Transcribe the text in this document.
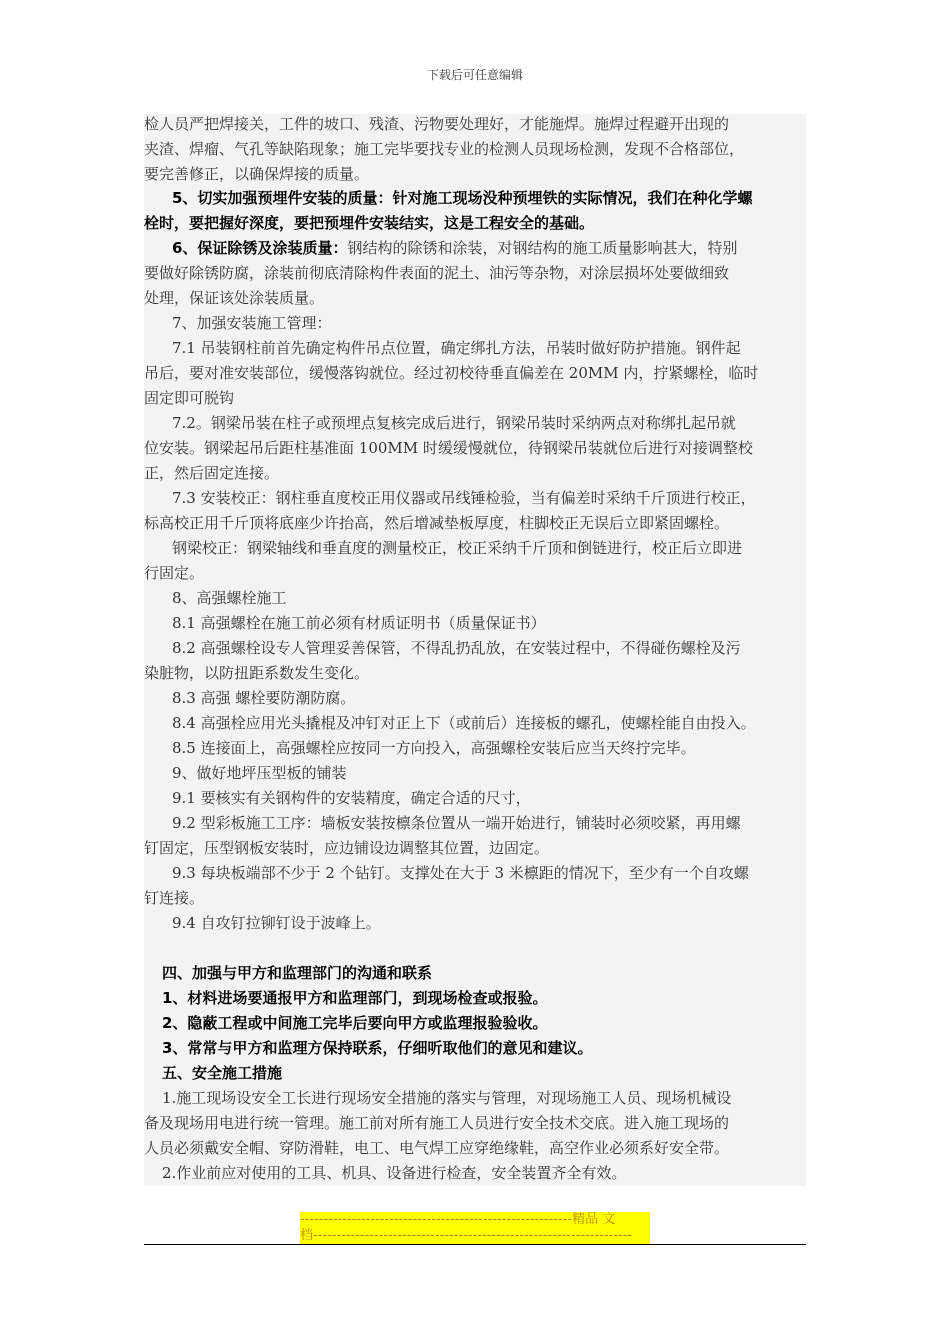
下载后可任意编辑
检人员严把焊接关，工件的坡口、残渣、污物要处理好，才能施焊。施焊过程避开出现的
夹渣、焊瘤、气孔等缺陷现象；施工完毕要找专业的检测人员现场检测，发现不合格部位，
要完善修正，以确保焊接的质量。
5、切实加强预埋件安装的质量：针对施工现场没种预埋铁的实际情况，我们在种化学螺
栓时，要把握好深度，要把预埋件安装结实，这是工程安全的基础。
6、保证除锈及涂装质量：钢结构的除锈和涂装，对钢结构的施工质量影响甚大，特别
要做好除锈防腐，涂装前彻底清除构件表面的泥土、油污等杂物，对涂层损坏处要做细致
处理，保证该处涂装质量。
7、加强安装施工管理：
7.1 吊装钢柱前首先确定构件吊点位置，确定绑扎方法，吊装时做好防护措施。钢件起
吊后，要对准安装部位，缓慢落钩就位。经过初校待垂直偏差在 20MM 内，拧紧螺栓，临时
固定即可脱钩
7.2。钢梁吊装在柱子或预埋点复核完成后进行，钢梁吊装时采纳两点对称绑扎起吊就
位安装。钢梁起吊后距柱基准面 100MM 时缓缓慢就位，待钢梁吊装就位后进行对接调整校
正，然后固定连接。
7.3 安装校正：钢柱垂直度校正用仪器或吊线锤检验，当有偏差时采纳千斤顶进行校正，
标高校正用千斤顶将底座少许抬高，然后增减垫板厚度，柱脚校正无误后立即紧固螺栓。
钢梁校正：钢梁轴线和垂直度的测量校正，校正采纳千斤顶和倒链进行，校正后立即进
行固定。
8、高强螺栓施工
8.1 高强螺栓在施工前必须有材质证明书（质量保证书）
8.2 高强螺栓设专人管理妥善保管，不得乱扔乱放，在安装过程中，不得碰伤螺栓及污
染脏物，以防扭距系数发生变化。
8.3 高强 螺栓要防潮防腐。
8.4 高强栓应用光头撬棍及冲钉对正上下（或前后）连接板的螺孔，使螺栓能自由投入。
8.5 连接面上，高强螺栓应按同一方向投入，高强螺栓安装后应当天终拧完毕。
9、做好地坪压型板的铺装
9.1 要核实有关钢构件的安装精度，确定合适的尺寸，
9.2 型彩板施工工序：墙板安装按檩条位置从一端开始进行，铺装时必须咬紧，再用螺
钉固定，压型钢板安装时，应边铺设边调整其位置，边固定。
9.3 每块板端部不少于 2 个钻钉。支撑处在大于 3 米檩距的情况下，至少有一个自攻螺
钉连接。
9.4 自攻钉拉铆钉设于波峰上。
四、加强与甲方和监理部门的沟通和联系
1、材料进场要通报甲方和监理部门，到现场检查或报验。
2、隐蔽工程或中间施工完毕后要向甲方或监理报验验收。
3、常常与甲方和监理方保持联系，仔细听取他们的意见和建议。
五、安全施工措施
1.施工现场设安全工长进行现场安全措施的落实与管理，对现场施工人员、现场机械设
备及现场用电进行统一管理。施工前对所有施工人员进行安全技术交底。进入施工现场的
人员必须戴安全帽、穿防滑鞋，电工、电气焊工应穿绝缘鞋，高空作业必须系好安全带。
2.作业前应对使用的工具、机具、设备进行检查，安全装置齐全有效。
----------------------------------------------------------精品 文
档--------------------------------------------------------------------
